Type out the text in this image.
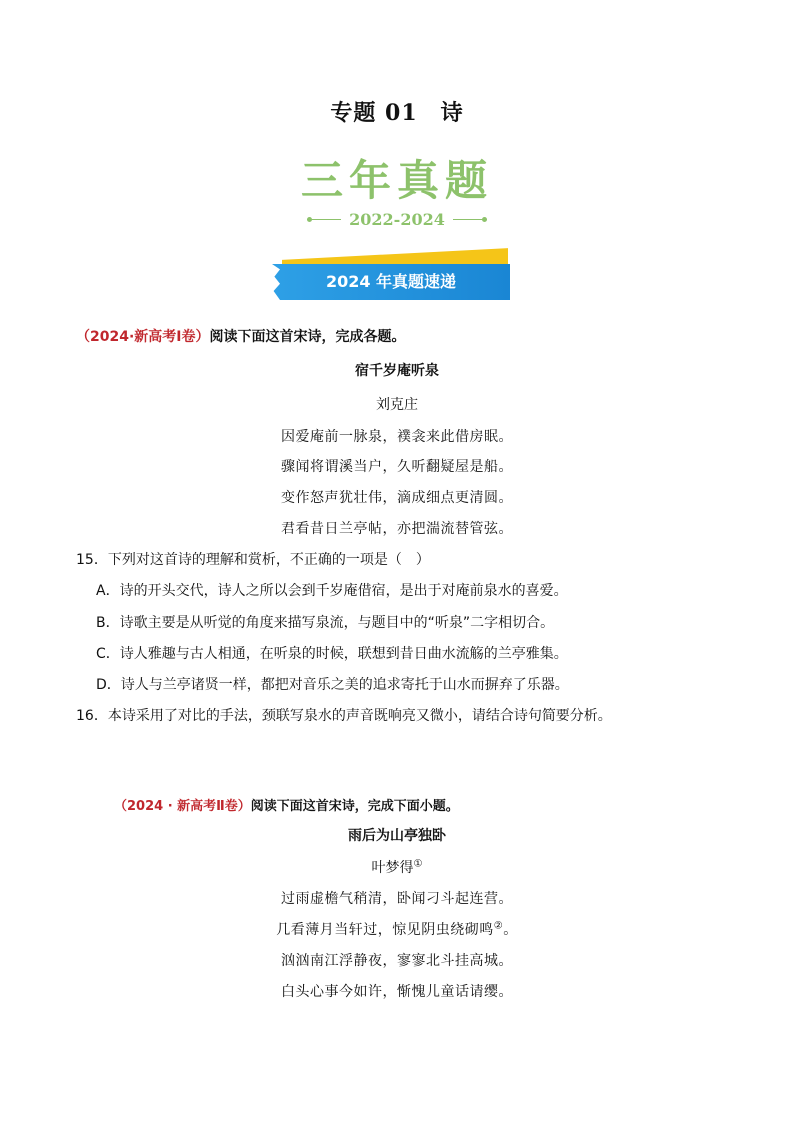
专题 01　诗
三年真题
2022-2024
2024 年真题速递
（2024·新高考Ⅰ卷）阅读下面这首宋诗，完成各题。
宿千岁庵听泉
刘克庄
因爱庵前一脉泉，襆衾来此借房眠。
骤闻将谓溪当户，久听翻疑屋是船。
变作怒声犹壮伟，滴成细点更清圆。
君看昔日兰亭帖，亦把湍流替管弦。
15．下列对这首诗的理解和赏析，不正确的一项是（　）
A．诗的开头交代，诗人之所以会到千岁庵借宿，是出于对庵前泉水的喜爱。
B．诗歌主要是从听觉的角度来描写泉流，与题目中的“听泉”二字相切合。
C．诗人雅趣与古人相通，在听泉的时候，联想到昔日曲水流觞的兰亭雅集。
D．诗人与兰亭诸贤一样，都把对音乐之美的追求寄托于山水而摒弃了乐器。
16．本诗采用了对比的手法，颈联写泉水的声音既响亮又微小，请结合诗句简要分析。
（2024 · 新高考Ⅱ卷）阅读下面这首宋诗，完成下面小题。
雨后为山亭独卧
叶梦得①
过雨虚檐气稍清，卧闻刁斗起连营。
几看薄月当轩过，惊见阴虫绕砌鸣②。
汹汹南江浮静夜，寥寥北斗挂高城。
白头心事今如许，惭愧儿童话请缨。
